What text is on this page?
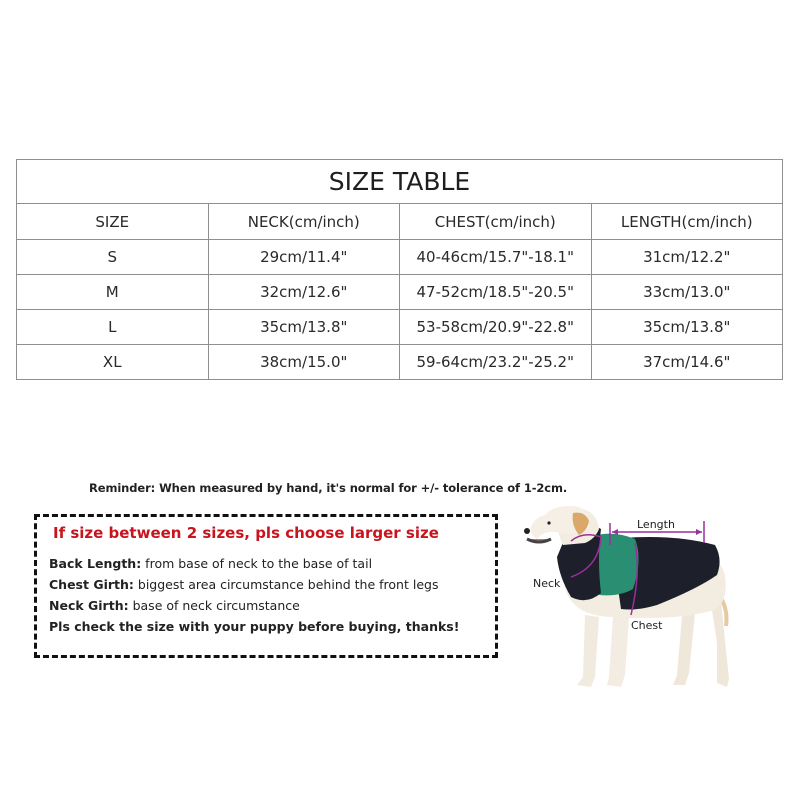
SIZE TABLE			
SIZE	NECK(cm/inch)	CHEST(cm/inch)	LENGTH(cm/inch)
S	29cm/11.4"	40-46cm/15.7"-18.1"	31cm/12.2"
M	32cm/12.6"	47-52cm/18.5"-20.5"	33cm/13.0"
L	35cm/13.8"	53-58cm/20.9"-22.8"	35cm/13.8"
XL	38cm/15.0"	59-64cm/23.2"-25.2"	37cm/14.6"
Reminder: When measured by hand, it's normal for +/- tolerance of 1-2cm.
If size between 2 sizes, pls choose larger size
Back Length: from base of neck to the base of tail
Chest Girth: biggest area circumstance behind the front legs
Neck Girth: base of neck circumstance
Pls check the size with your puppy before buying, thanks!
Length
Neck
Chest
